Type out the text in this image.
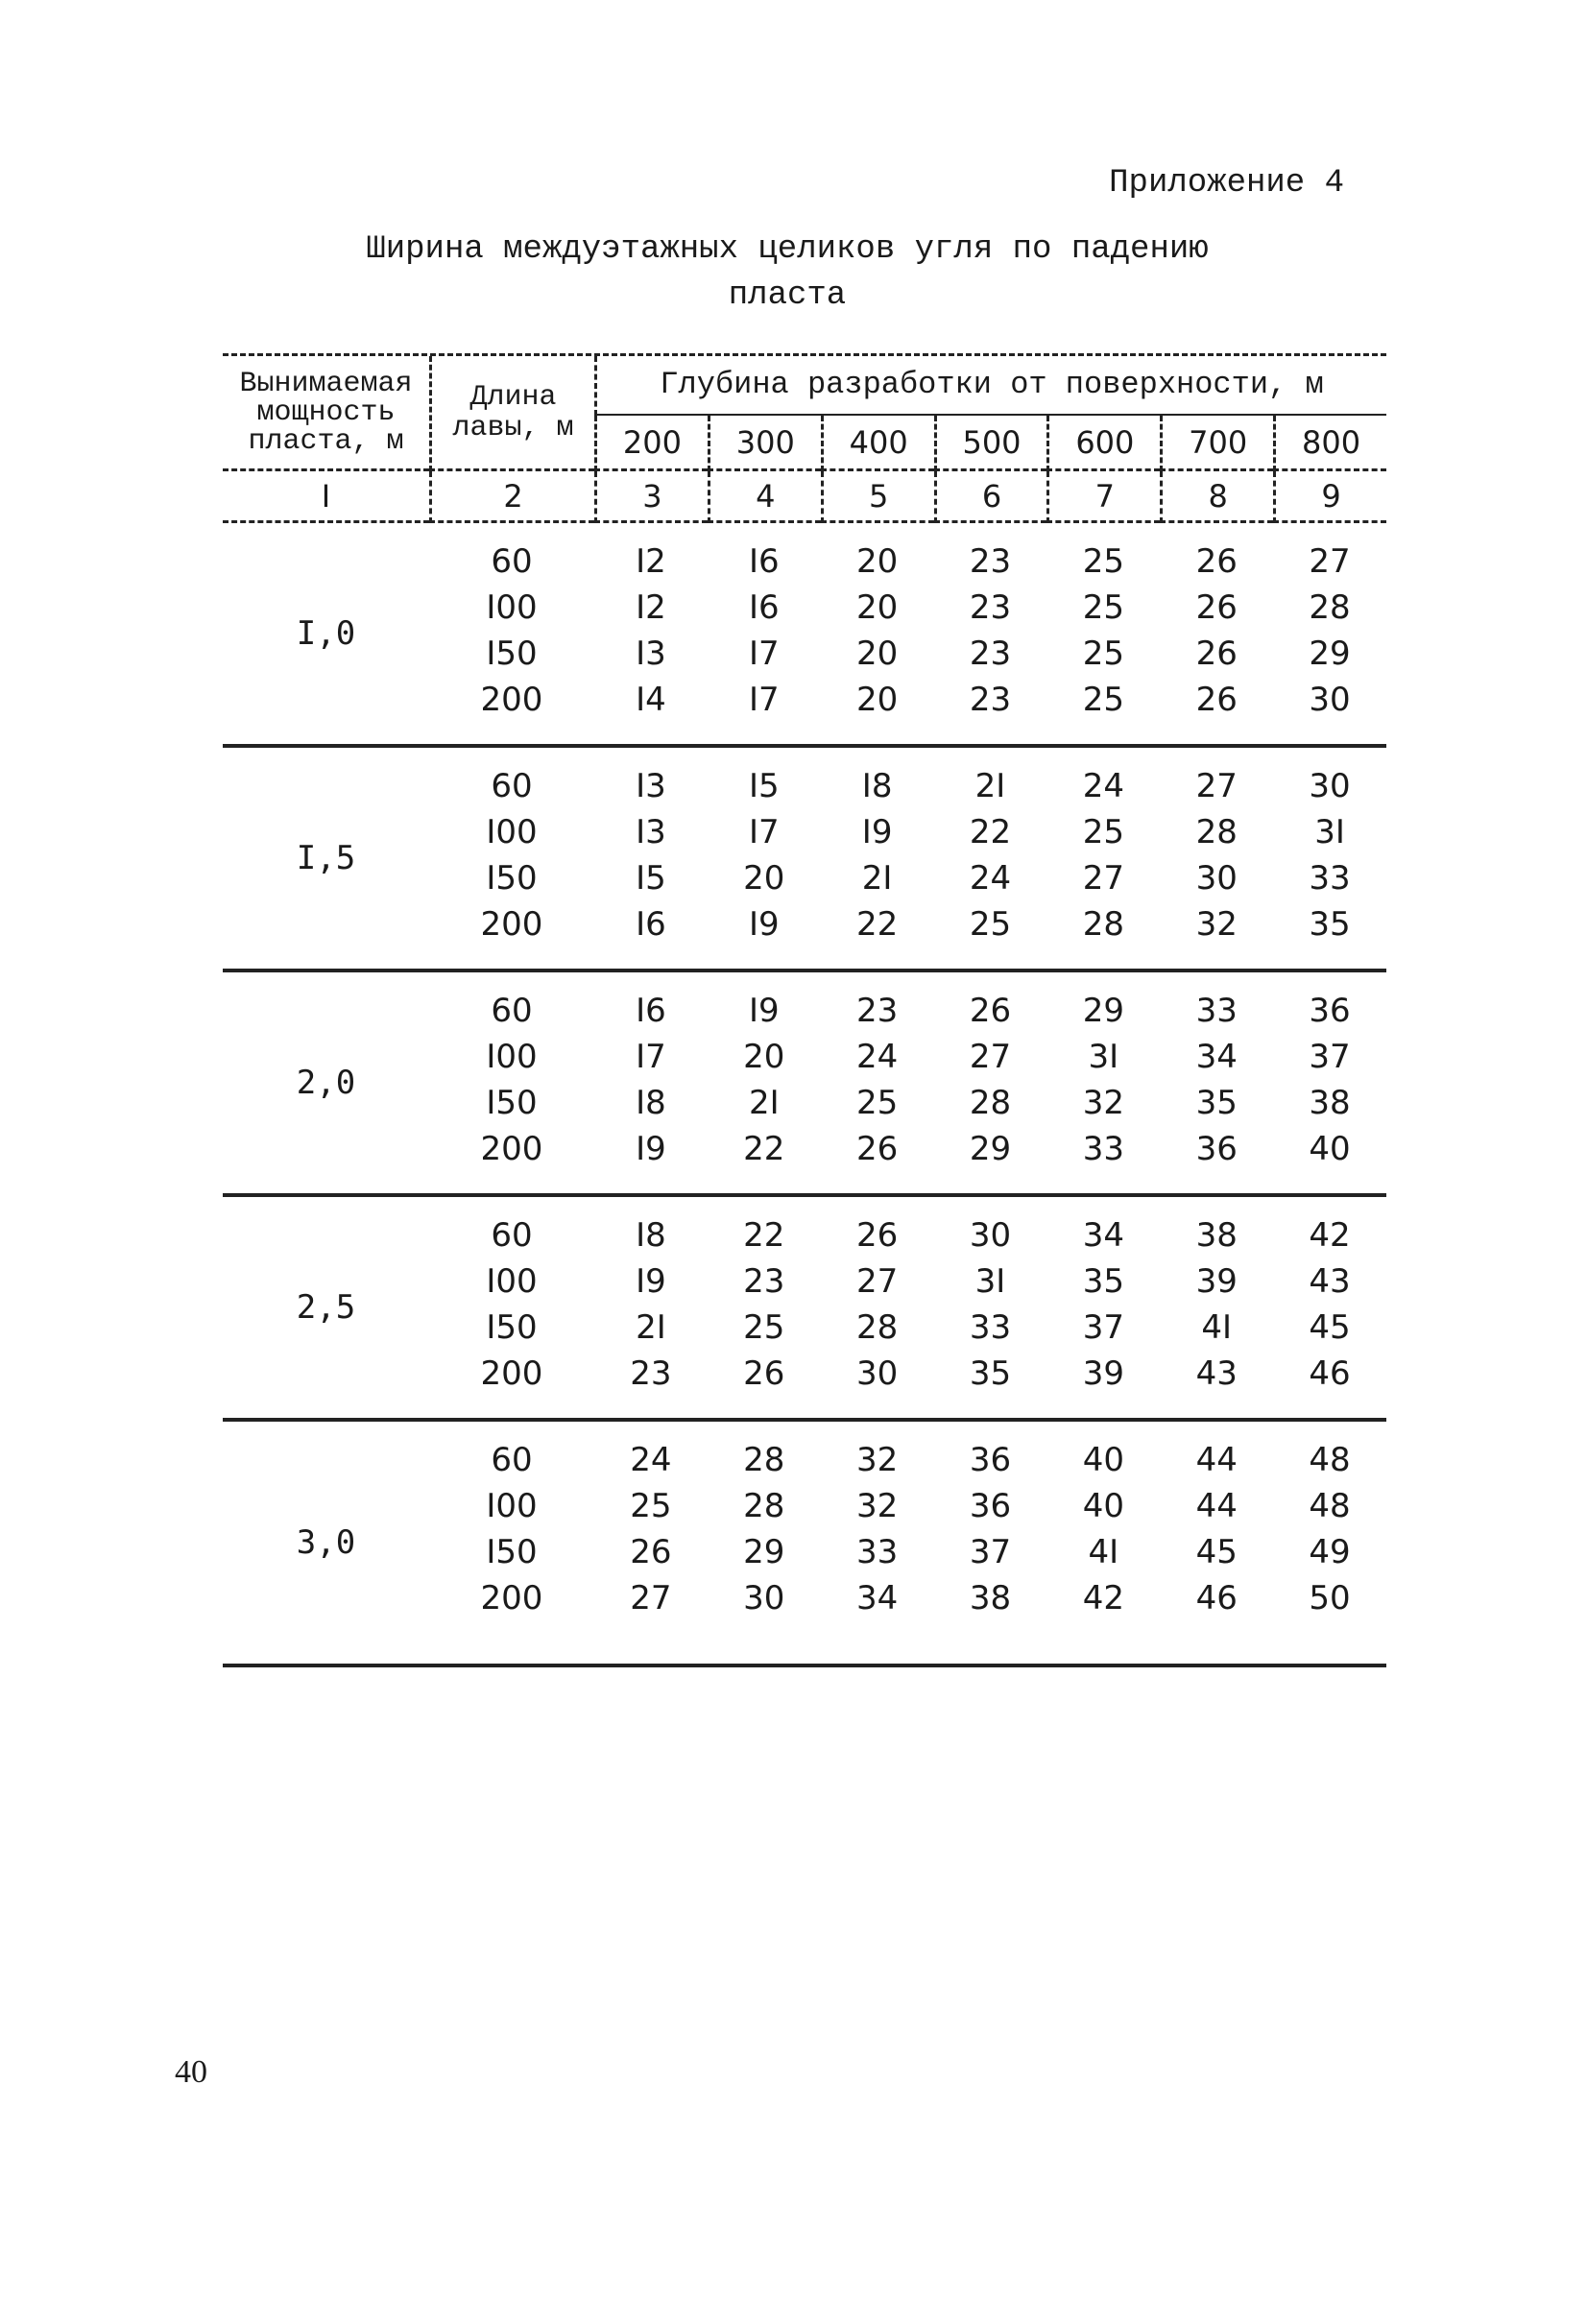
Приложение 4
Ширина междуэтажных целиков угля по падению
пласта
Вынимаемая
мощность
пласта, м
Длина
лавы, м
Глубина разработки от поверхности, м
200	300	400	500	600	700	800
I	2	3	4	5	6	7	8	9
I,0
60	I2	I6	20	23	25	26	27
I00	I2	I6	20	23	25	26	28
I50	I3	I7	20	23	25	26	29
200	I4	I7	20	23	25	26	30
I,5
60	I3	I5	I8	2I	24	27	30
I00	I3	I7	I9	22	25	28	3I
I50	I5	20	2I	24	27	30	33
200	I6	I9	22	25	28	32	35
2,0
60	I6	I9	23	26	29	33	36
I00	I7	20	24	27	3I	34	37
I50	I8	2I	25	28	32	35	38
200	I9	22	26	29	33	36	40
2,5
60	I8	22	26	30	34	38	42
I00	I9	23	27	3I	35	39	43
I50	2I	25	28	33	37	4I	45
200	23	26	30	35	39	43	46
3,0
60	24	28	32	36	40	44	48
I00	25	28	32	36	40	44	48
I50	26	29	33	37	4I	45	49
200	27	30	34	38	42	46	50
40
